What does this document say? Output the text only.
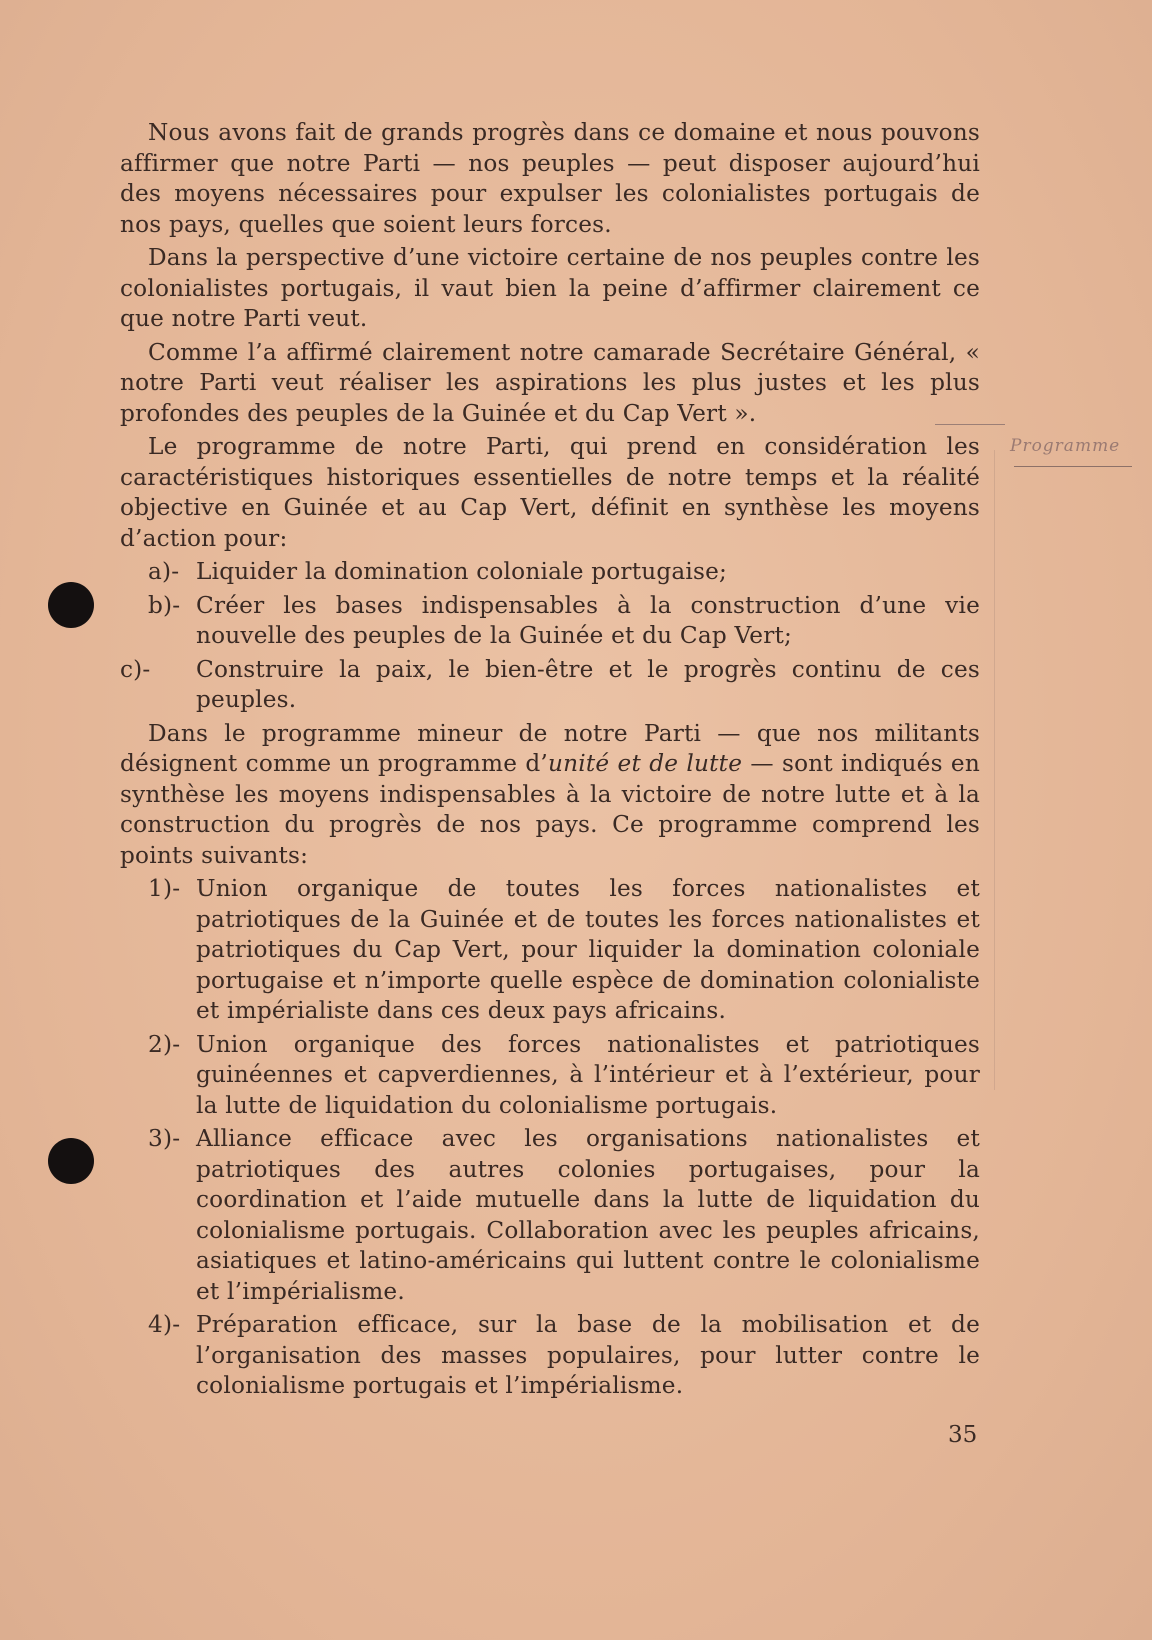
Programme

Nous avons fait de grands progrès dans ce domaine et nous pouvons affirmer que notre Parti — nos peuples — peut disposer aujourd’hui des moyens nécessaires pour expulser les colonialistes portugais de nos pays, quelles que soient leurs forces.

Dans la perspective d’une victoire certaine de nos peuples contre les colonialistes portugais, il vaut bien la peine d’affirmer clairement ce que notre Parti veut.

Comme l’a affirmé clairement notre camarade Secrétaire Général, « notre Parti veut réaliser les aspirations les plus justes et les plus profondes des peuples de la Guinée et du Cap Vert ».

Le programme de notre Parti, qui prend en considération les caractéristiques historiques essentielles de notre temps et la réalité objective en Guinée et au Cap Vert, définit en synthèse les moyens d’action pour:

a)- Liquider la domination coloniale portugaise;
b)- Créer les bases indispensables à la construction d’une vie nouvelle des peuples de la Guinée et du Cap Vert;
c)-	Construire la paix, le bien-être et le progrès continu de ces peuples.

Dans le programme mineur de notre Parti — que nos militants désignent comme un programme d’unité et de lutte — sont indiqués en synthèse les moyens indispensables à la victoire de notre lutte et à la construction du progrès de nos pays. Ce programme comprend les points suivants:

1)- Union organique de toutes les forces nationalistes et patriotiques de la Guinée et de toutes les forces nationalistes et patriotiques du Cap Vert, pour liquider la domination coloniale portugaise et n’importe quelle espèce de domination colonialiste et impérialiste dans ces deux pays africains.
2)- Union organique des forces nationalistes et patriotiques guinéennes et capverdiennes, à l’intérieur et à l’extérieur, pour la lutte de liquidation du colonialisme portugais.
3)- Alliance efficace avec les organisations nationalistes et patriotiques des autres colonies portugaises, pour la coordination et l’aide mutuelle dans la lutte de liquidation du colonialisme portugais. Collaboration avec les peuples africains, asiatiques et latino-américains qui luttent contre le colonialisme et l’impérialisme.
4)- Préparation efficace, sur la base de la mobilisation et de l’organisation des masses populaires, pour lutter contre le colonialisme portugais et l’impérialisme.
35
